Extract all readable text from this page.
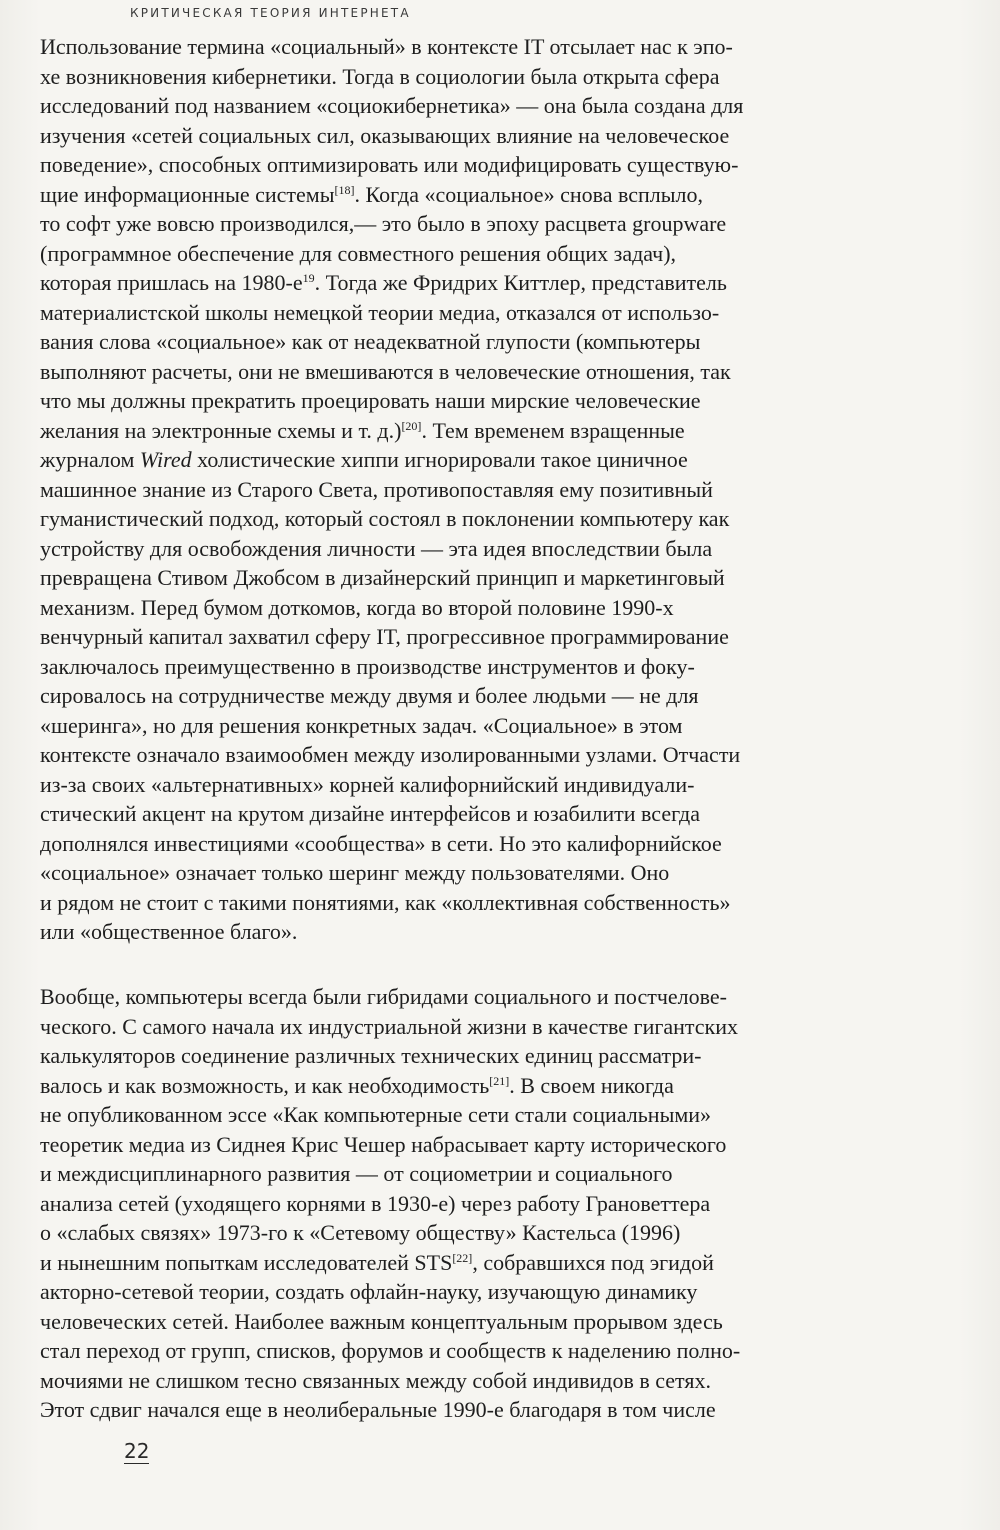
КРИТИЧЕСКАЯ ТЕОРИЯ ИНТЕРНЕТА
Использование термина «социальный» в контексте IT отсылает нас к эпо-
хе возникновения кибернетики. Тогда в социологии была открыта сфера
исследований под названием «социокибернетика» — она была создана для
изучения «сетей социальных сил, оказывающих влияние на человеческое
поведение», способных оптимизировать или модифицировать существую-
щие информационные системы[18]. Когда «социальное» снова всплыло,
то софт уже вовсю производился,— это было в эпоху расцвета groupware
(программное обеспечение для совместного решения общих задач),
которая пришлась на $1980-е^{19}$. Тогда же Фридрих Киттлер, представитель
материалистской школы немецкой теории медиа, отказался от использо-
вания слова «социальное» как от неадекватной глупости (компьютеры
выполняют расчеты, они не вмешиваются в человеческие отношения, так
что мы должны прекратить проецировать наши мирские человеческие
желания на электронные схемы и т. д.)[20]. Тем временем взращенные
журналом Wired холистические хиппи игнорировали такое циничное
машинное знание из Старого Света, противопоставляя ему позитивный
гуманистический подход, который состоял в поклонении компьютеру как
устройству для освобождения личности — эта идея впоследствии была
превращена Стивом Джобсом в дизайнерский принцип и маркетинговый
механизм. Перед бумом доткомов, когда во второй половине 1990-х
венчурный капитал захватил сферу IT, прогрессивное программирование
заключалось преимущественно в производстве инструментов и фоку-
сировалось на сотрудничестве между двумя и более людьми — не для
«шеринга», но для решения конкретных задач. «Социальное» в этом
контексте означало взаимообмен между изолированными узлами. Отчасти
из-за своих «альтернативных» корней калифорнийский индивидуали-
стический акцент на крутом дизайне интерфейсов и юзабилити всегда
дополнялся инвестициями «сообщества» в сети. Но это калифорнийское
«социальное» означает только шеринг между пользователями. Оно
и рядом не стоит с такими понятиями, как «коллективная собственность»
или «общественное благо».
Вообще, компьютеры всегда были гибридами социального и постчелове-
ческого. С самого начала их индустриальной жизни в качестве гигантских
калькуляторов соединение различных технических единиц рассматри-
валось и как возможность, и как необходимость[21]. В своем никогда
не опубликованном эссе «Как компьютерные сети стали социальными»
теоретик медиа из Сиднея Крис Чешер набрасывает карту исторического
и междисциплинарного развития — от социометрии и социального
анализа сетей (уходящего корнями в 1930-е) через работу Грановеттера
о «слабых связях» 1973-го к «Сетевому обществу» Кастельса (1996)
и нынешним попыткам исследователей STS[22], собравшихся под эгидой
акторно-сетевой теории, создать офлайн-науку, изучающую динамику
человеческих сетей. Наиболее важным концептуальным прорывом здесь
стал переход от групп, списков, форумов и сообществ к наделению полно-
мочиями не слишком тесно связанных между собой индивидов в сетях.
Этот сдвиг начался еще в неолиберальные 1990-е благодаря в том числе
22
